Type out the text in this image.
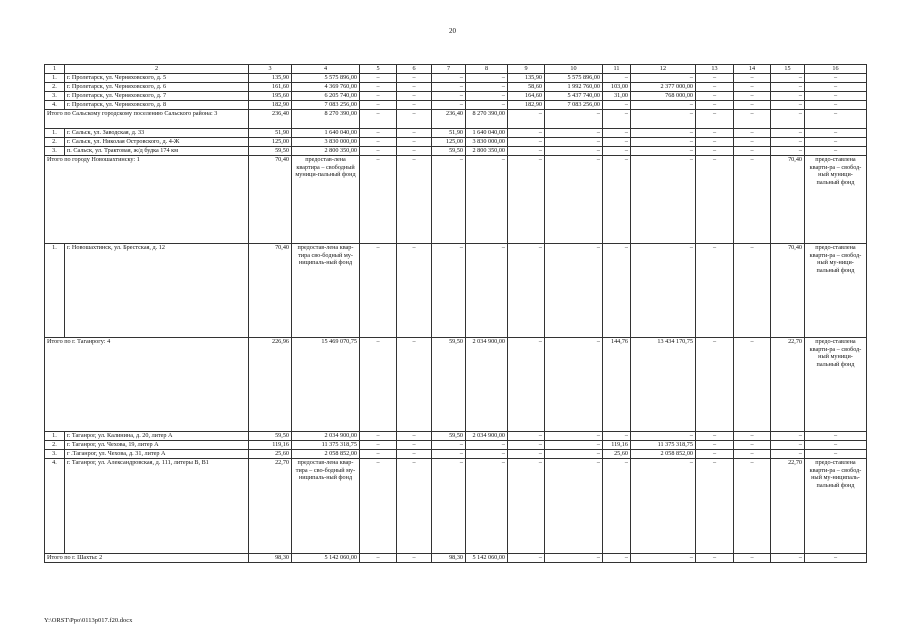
20
1	2	3	4	5	6	7	8	9	10	11	12	13	14	15	16
1.	г. Пролетарск, ул. Черняховского, д. 5	135,90	5 575 896,00	–	–	–	–	135,90	5 575 896,00	–	–	–	–	–	–
2.	г. Пролетарск, ул. Черняховского, д. 6	161,60	4 369 760,00	–	–	–	–	58,60	1 992 760,00	103,00	2 377 000,00	–	–	–	–
3.	г. Пролетарск, ул. Черняховского, д. 7	195,60	6 205 740,00	–	–	–	–	164,60	5 437 740,00	31,00	768 000,00	–	–	–	–
4.	г. Пролетарск, ул. Черняховского, д. 8	182,90	7 083 256,00	–	–	–	–	182,90	7 083 256,00	–	–	–	–	–	–
Итого по Сальскому городскому поселению Сальского района: 3		236,40	8 270 390,00	–	–	236,40	8 270 390,00	–	–	–	–	–	–	–	–
1.	г. Сальск, ул. Заводская, д. 33	51,90	1 640 040,00	–	–	51,90	1 640 040,00	–	–	–	–	–	–	–	–
2.	г. Сальск, ул. Николая Островского, д. 4-Ж	125,00	3 830 000,00	–	–	125,00	3 830 000,00	–	–	–	–	–	–	–	–
3.	п. Сальск, ул. Трактовая, ж/д будка 174 км	59,50	2 800 350,00	–	–	59,50	2 800 350,00	–	–	–	–	–	–	–	–
Итого по городу Новошахтинску: 1		70,40	предостав-лена квартира – свободный муници-пальный фонд	–	–	–	–	–	–	–	–	–	–	70,40	предо-ставлена кварти-ра – свобод-ный муници-пальный фонд
1.	г. Новошахтинск, ул. Брестская, д. 12	70,40	предостав-лена квар-тира сво-бодный му-ниципаль-ный фонд	–	–	–	–	–	–	–	–	–	–	70,40	предо-ставлена кварти-ра – свобод-ный му-ници-пальный фонд
Итого по г. Таганрогу: 4		226,96	15 469 070,75	–	–	59,50	2 034 900,00	–	–	144,76	13 434 170,75	–	–	22,70	предо-ставлена кварти-ра – свобод-ный муници-пальный фонд
1.	г. Таганрог, ул. Калинина, д. 20, литер А	59,50	2 034 900,00	–	–	59,50	2 034 900,00	–	–	–	–	–	–	–	–
2.	г. Таганрог, ул. Чехова, 19, литер А	119,16	11 375 318,75	–	–	–	–	–	–	119,16	11 375 318,75	–	–	–	–
3.	г .Таганрог, ул. Чехова, д. 31, литер А	25,60	2 058 852,00	–	–	–	–	–	–	25,60	2 058 852,00	–	–	–	–
4.	г. Таганрог, ул. Александровская, д. 111, литеры В, В1	22,70	предостав-лена квар-тира – сво-бодный му-ниципаль-ный фонд	–	–	–	–	–	–	–	–	–	–	22,70	предо-ставлена кварти-ра – свобод-ный му-ниципаль-пальный фонд
Итого по г. Шахты: 2		98,30	5 142 060,00	–	–	98,30	5 142 060,00	–	–	–	–	–	–	–	–
Y:\ORST\Ppo\0113p017.f20.docx
